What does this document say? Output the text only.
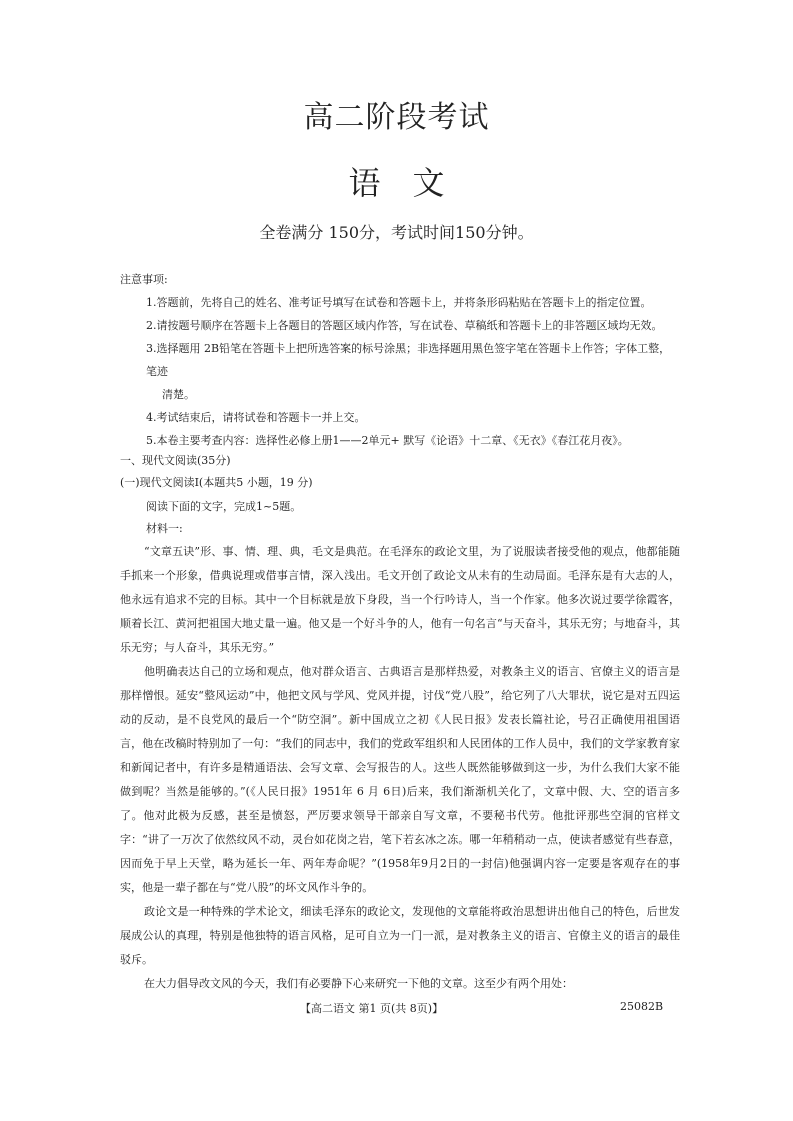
高二阶段考试
语 文
全卷满分 150分，考试时间150分钟。
注意事项:
1.答题前，先将自己的姓名、准考证号填写在试卷和答题卡上，并将条形码粘贴在答题卡上的指定位置。
2.请按题号顺序在答题卡上各题目的答题区域内作答，写在试卷、草稿纸和答题卡上的非答题区域均无效。
3.选择题用 2B铅笔在答题卡上把所选答案的标号涂黑；非选择题用黑色签字笔在答题卡上作答；字体工整，笔迹
清楚。
4.考试结束后，请将试卷和答题卡一并上交。
5.本卷主要考查内容：选择性必修上册1——2单元+ 默写《论语》十二章、《无衣》《春江花月夜》。
一、现代文阅读(35分)
(一)现代文阅读Ⅰ(本题共5 小题，19 分)
阅读下面的文字，完成1~5题。
材料一:

“文章五诀”形、事、情、理、典，毛文是典范。在毛泽东的政论文里，为了说服读者接受他的观点，他都能随手抓来一个形象，借典说理或借事言情，深入浅出。毛文开创了政论文从未有的生动局面。毛泽东是有大志的人，他永远有追求不完的目标。其中一个目标就是放下身段，当一个行吟诗人，当一个作家。他多次说过要学徐霞客，顺着长江、黄河把祖国大地丈量一遍。他又是一个好斗争的人，他有一句名言“与天奋斗，其乐无穷；与地奋斗，其乐无穷；与人奋斗，其乐无穷。”

他明确表达自己的立场和观点，他对群众语言、古典语言是那样热爱，对教条主义的语言、官僚主义的语言是那样憎恨。延安“整风运动”中，他把文风与学风、党风并提，讨伐“党八股”，给它列了八大罪状，说它是对五四运动的反动，是不良党风的最后一个“防空洞”。新中国成立之初《人民日报》发表长篇社论，号召正确使用祖国语言，他在改稿时特别加了一句：“我们的同志中，我们的党政军组织和人民团体的工作人员中，我们的文学家教育家和新闻记者中，有许多是精通语法、会写文章、会写报告的人。这些人既然能够做到这一步，为什么我们大家不能做到呢？当然是能够的。”(《人民日报》1951年 6 月 6日)后来，我们渐渐机关化了，文章中假、大、空的语言多了。他对此极为反感，甚至是愤怒，严厉要求领导干部亲自写文章，不要秘书代劳。他批评那些空洞的官样文字：“讲了一万次了依然纹风不动，灵台如花岗之岩，笔下若玄冰之冻。哪一年稍稍动一点，使读者感觉有些春意，因而免于早上天堂，略为延长一年、两年寿命呢？”(1958年9月2日的一封信)他强调内容一定要是客观存在的事实，他是一辈子都在与“党八股”的坏文风作斗争的。

政论文是一种特殊的学术论文，细读毛泽东的政论文，发现他的文章能将政治思想讲出他自己的特色，后世发展成公认的真理，特别是他独特的语言风格，足可自立为一门一派，是对教条主义的语言、官僚主义的语言的最佳驳斥。

在大力倡导改文风的今天，我们有必要静下心来研究一下他的文章。这至少有两个用处：

【高二语文 第1 页(共 8页)】	25082B
